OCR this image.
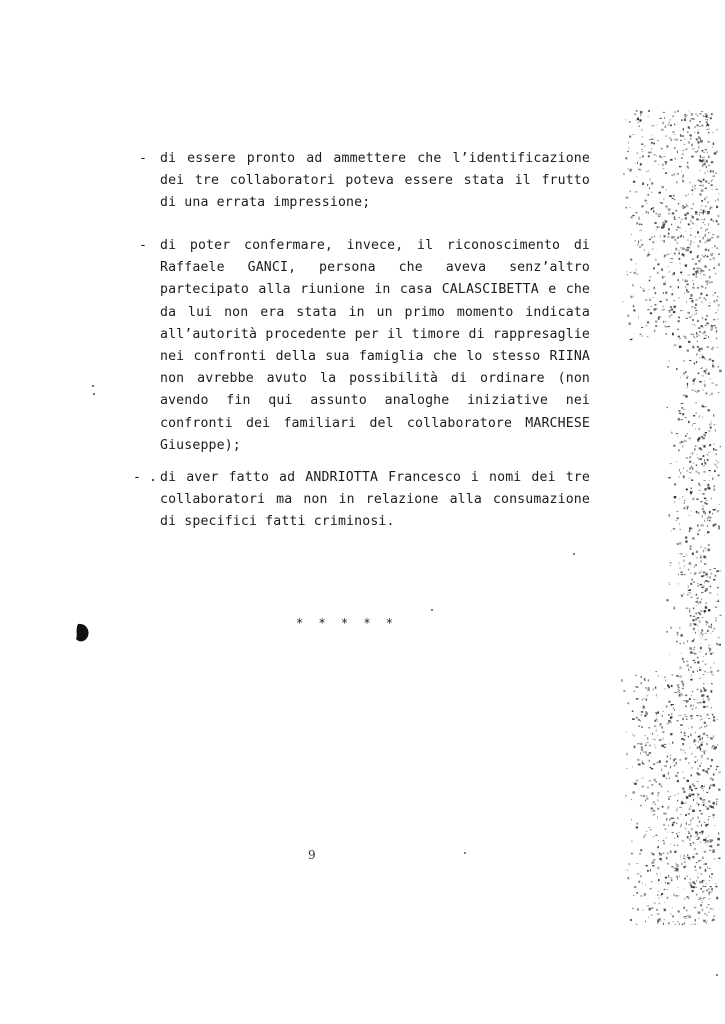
- di essere pronto ad ammettere che l’identificazione dei tre collaboratori poteva essere stata il frutto di una errata impressione;

- di poter confermare, invece, il riconoscimento di Raffaele GANCI, persona che aveva senz’altro partecipato alla riunione in casa CALASCIBETTA e che da lui non era stata in un primo momento indicata all’autorità procedente per il timore di rappresaglie nei confronti della sua famiglia che lo stesso RIINA non avrebbe avuto la possibilità di ordinare (non avendo fin qui assunto analoghe iniziative nei confronti dei familiari del collaboratore MARCHESE Giuseppe);

- . di aver fatto ad ANDRIOTTA Francesco i nomi dei tre collaboratori ma non in relazione alla consumazione di specifici fatti criminosi.

* * * * *
9
